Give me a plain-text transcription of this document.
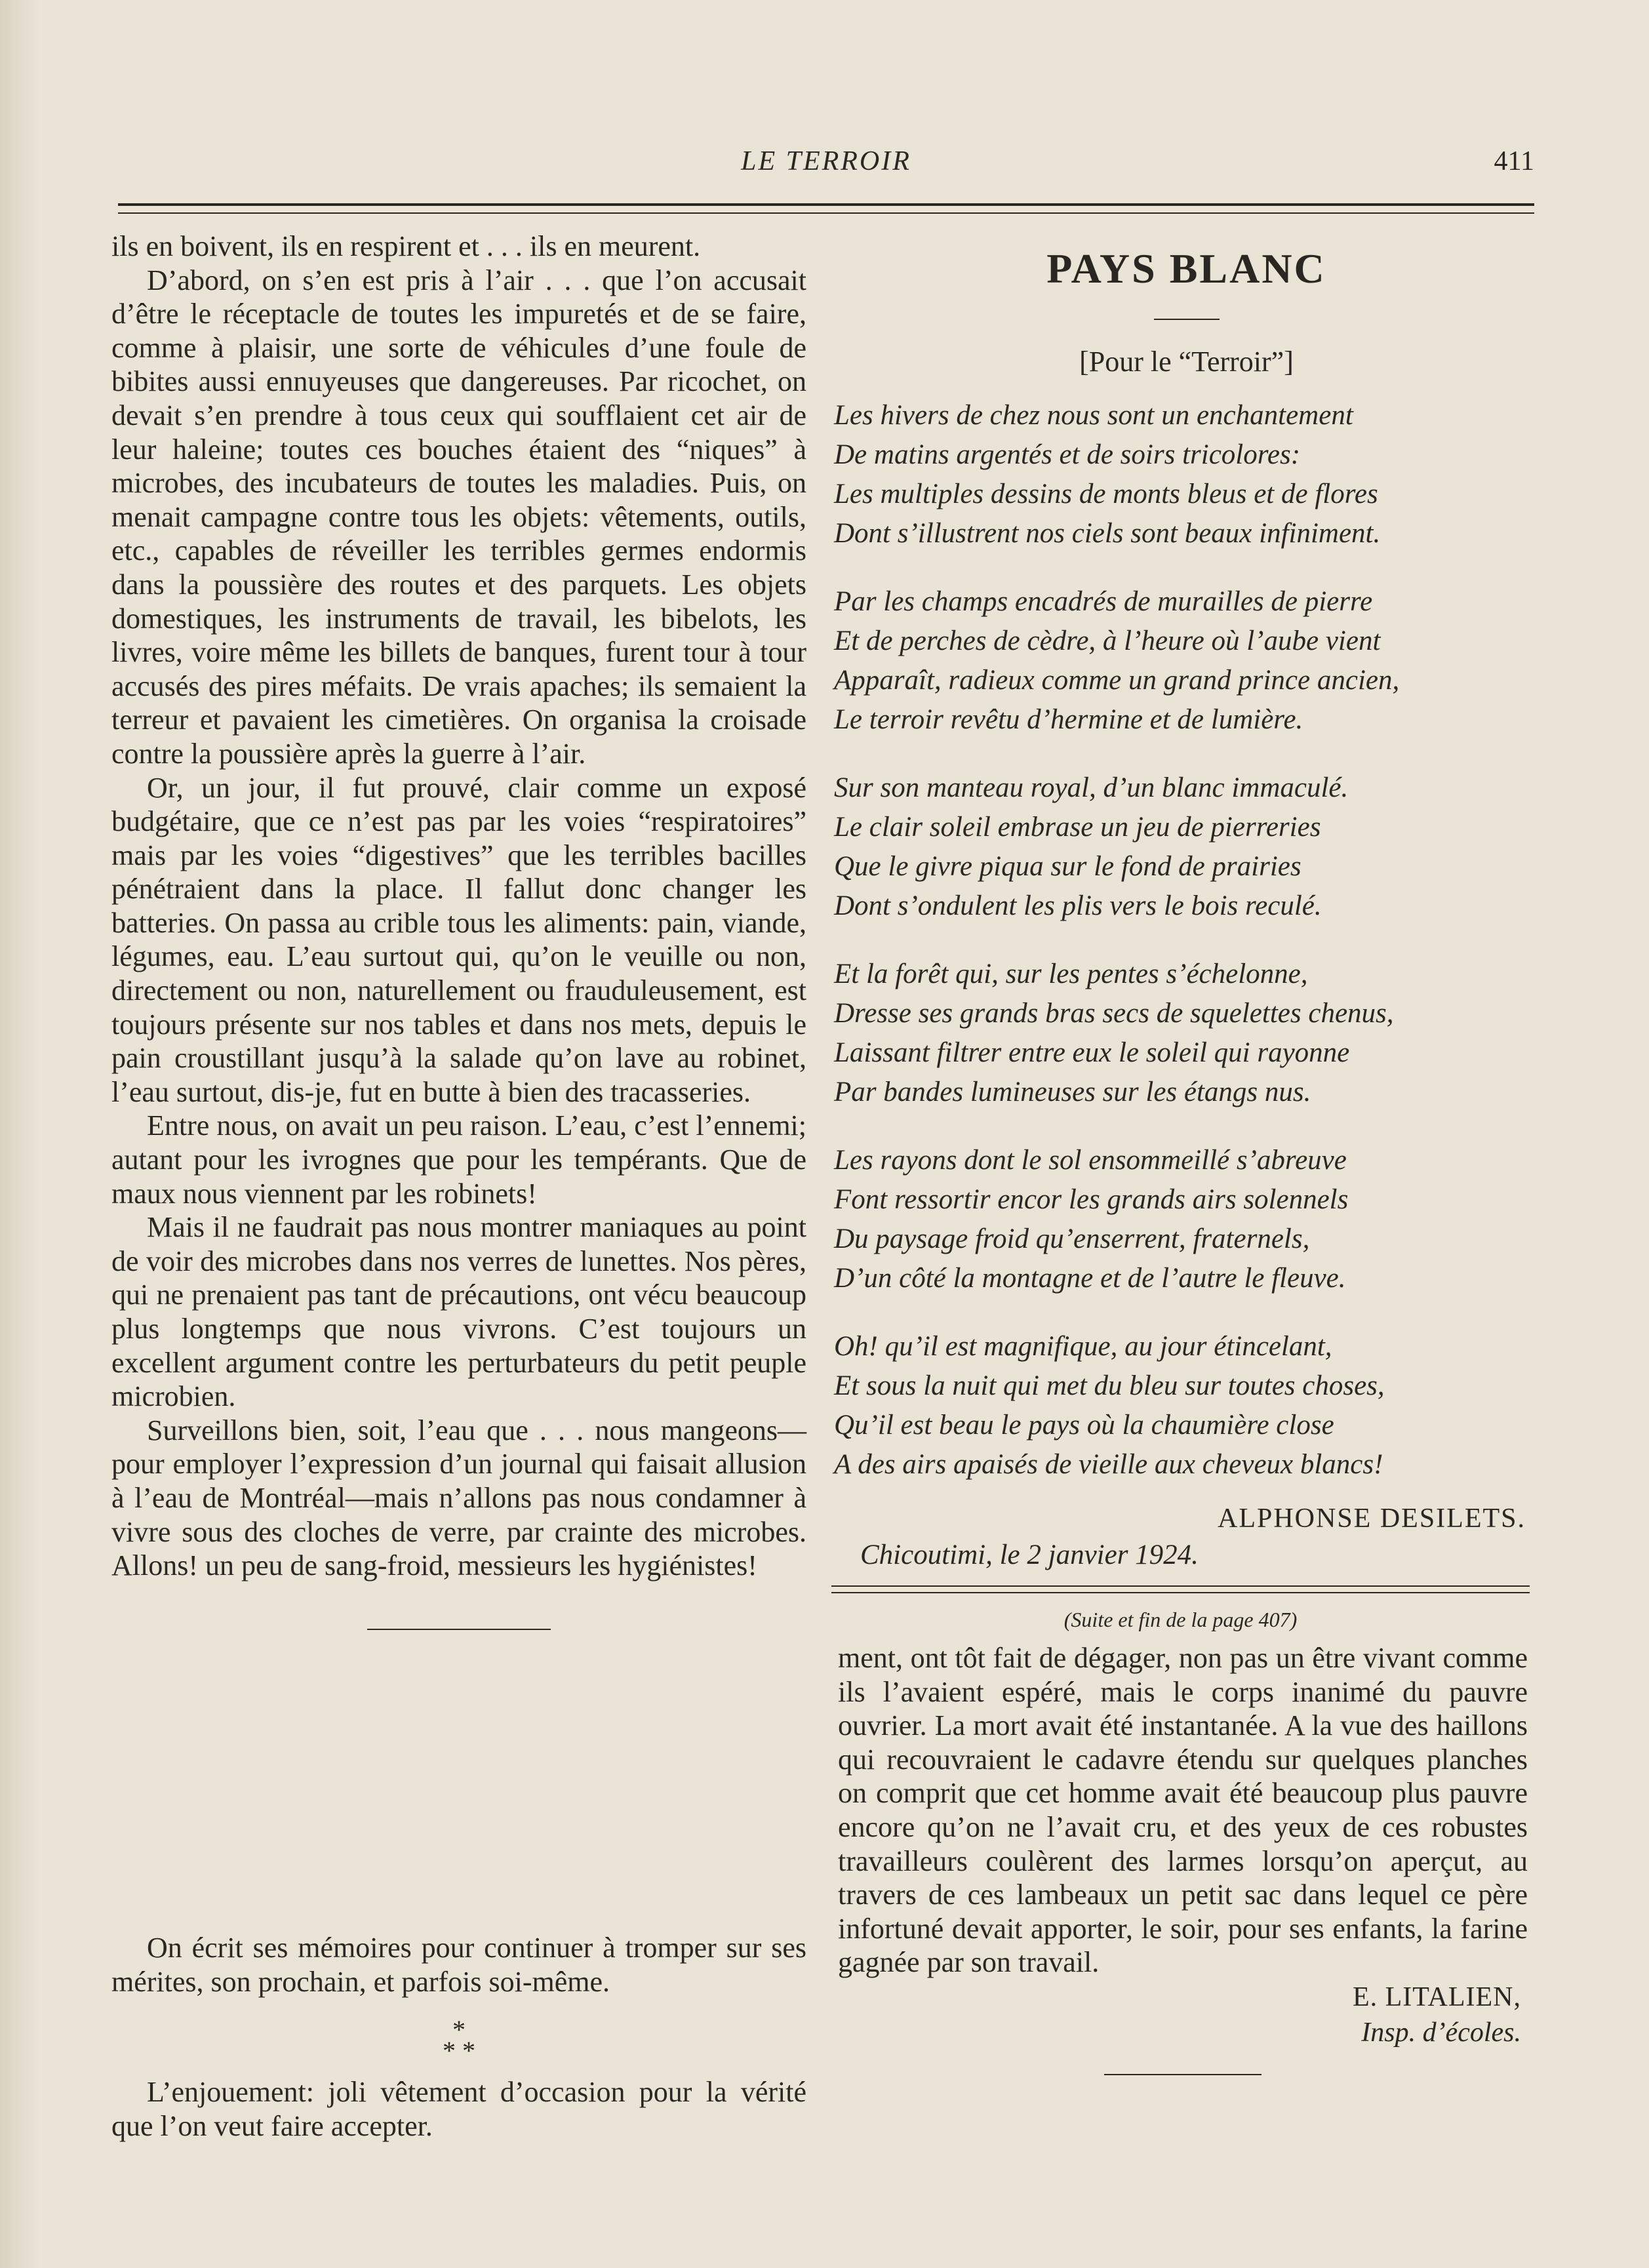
LE TERROIR	411

ils en boivent, ils en respirent et . . . ils en meurent.

D’abord, on s’en est pris à l’air . . . que l’on accusait d’être le réceptacle de toutes les impuretés et de se faire, comme à plaisir, une sorte de véhicules d’une foule de bibites aussi ennuyeuses que dangereuses. Par ricochet, on devait s’en prendre à tous ceux qui soufflaient cet air de leur haleine; toutes ces bouches étaient des “niques” à microbes, des incubateurs de toutes les maladies. Puis, on menait campagne contre tous les objets: vêtements, outils, etc., capables de réveiller les terribles germes endormis dans la poussière des routes et des parquets. Les objets domestiques, les instruments de travail, les bibelots, les livres, voire même les billets de banques, furent tour à tour accusés des pires méfaits. De vrais apaches; ils semaient la terreur et pavaient les cimetières. On organisa la croisade contre la poussière après la guerre à l’air.

Or, un jour, il fut prouvé, clair comme un exposé budgétaire, que ce n’est pas par les voies “respiratoires” mais par les voies “digestives” que les terribles bacilles pénétraient dans la place. Il fallut donc changer les batteries. On passa au crible tous les aliments: pain, viande, légumes, eau. L’eau surtout qui, qu’on le veuille ou non, directement ou non, naturellement ou frauduleusement, est toujours présente sur nos tables et dans nos mets, depuis le pain croustillant jusqu’à la salade qu’on lave au robinet, l’eau surtout, dis-je, fut en butte à bien des tracasseries.

Entre nous, on avait un peu raison. L’eau, c’est l’ennemi; autant pour les ivrognes que pour les tempérants. Que de maux nous viennent par les robinets!

Mais il ne faudrait pas nous montrer maniaques au point de voir des microbes dans nos verres de lunettes. Nos pères, qui ne prenaient pas tant de précautions, ont vécu beaucoup plus longtemps que nous vivrons. C’est toujours un excellent argument contre les perturbateurs du petit peuple microbien.

Surveillons bien, soit, l’eau que . . . nous mangeons—pour employer l’expression d’un journal qui faisait allusion à l’eau de Montréal—mais n’allons pas nous condamner à vivre sous des cloches de verre, par crainte des microbes. Allons! un peu de sang-froid, messieurs les hygiénistes!

On écrit ses mémoires pour continuer à tromper sur ses mérites, son prochain, et parfois soi-même.

*
* *

L’enjouement: joli vêtement d’occasion pour la vérité que l’on veut faire accepter.

PAYS BLANC
[Pour le “Terroir”]
Les hivers de chez nous sont un enchantement
De matins argentés et de soirs tricolores:
Les multiples dessins de monts bleus et de flores
Dont s’illustrent nos ciels sont beaux infiniment.
Par les champs encadrés de murailles de pierre
Et de perches de cèdre, à l’heure où l’aube vient
Apparaît, radieux comme un grand prince ancien,
Le terroir revêtu d’hermine et de lumière.
Sur son manteau royal, d’un blanc immaculé.
Le clair soleil embrase un jeu de pierreries
Que le givre piqua sur le fond de prairies
Dont s’ondulent les plis vers le bois reculé.
Et la forêt qui, sur les pentes s’échelonne,
Dresse ses grands bras secs de squelettes chenus,
Laissant filtrer entre eux le soleil qui rayonne
Par bandes lumineuses sur les étangs nus.
Les rayons dont le sol ensommeillé s’abreuve
Font ressortir encor les grands airs solennels
Du paysage froid qu’enserrent, fraternels,
D’un côté la montagne et de l’autre le fleuve.
Oh! qu’il est magnifique, au jour étincelant,
Et sous la nuit qui met du bleu sur toutes choses,
Qu’il est beau le pays où la chaumière close
A des airs apaisés de vieille aux cheveux blancs!
ALPHONSE DESILETS.
Chicoutimi, le 2 janvier 1924.
(Suite et fin de la page 407)

ment, ont tôt fait de dégager, non pas un être vivant comme ils l’avaient espéré, mais le corps inanimé du pauvre ouvrier. La mort avait été instantanée. A la vue des haillons qui recouvraient le cadavre étendu sur quelques planches on comprit que cet homme avait été beaucoup plus pauvre encore qu’on ne l’avait cru, et des yeux de ces robustes travailleurs coulèrent des larmes lorsqu’on aperçut, au travers de ces lambeaux un petit sac dans lequel ce père infortuné devait apporter, le soir, pour ses enfants, la farine gagnée par son travail.

E. LITALIEN,
Insp. d’écoles.
